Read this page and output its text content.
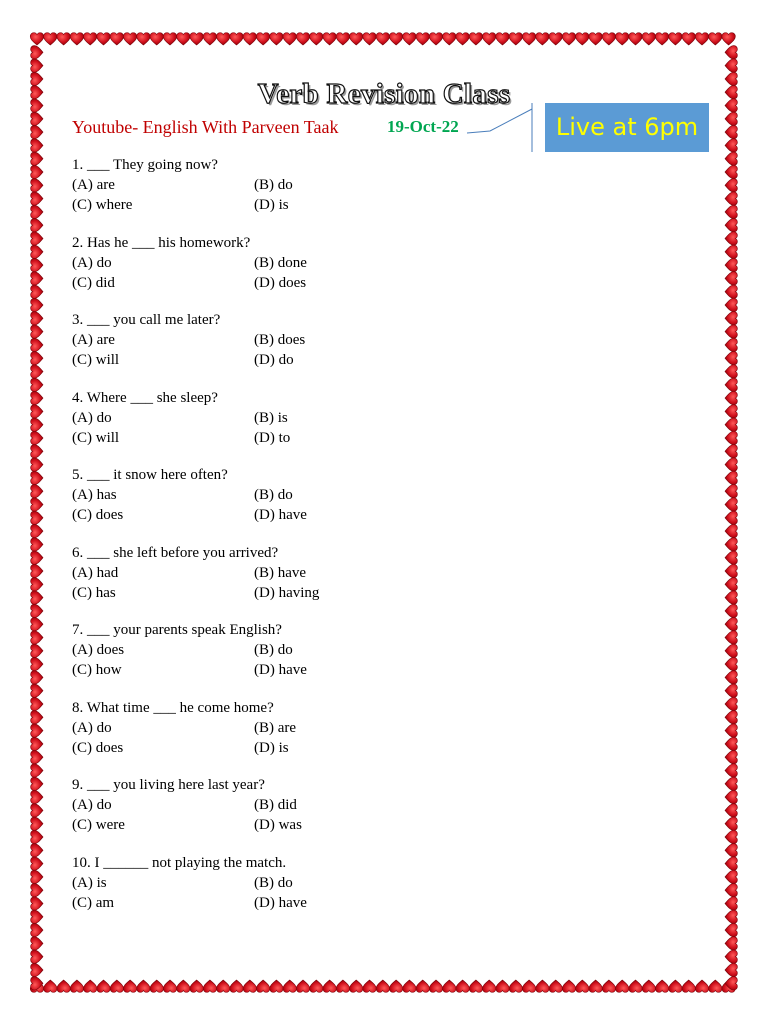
Verb Revision Class
Youtube- English With Parveen Taak	19-Oct-22	Live at 6pm
1. ___ They going now?
(A) are	(B) do
(C) where	(D) is
2. Has he ___ his homework?
(A) do	(B) done
(C) did	(D) does
3. ___ you call me later?
(A) are	(B) does
(C) will	(D) do
4. Where ___ she sleep?
(A) do	(B) is
(C) will	(D) to
5. ___ it snow here often?
(A) has	(B) do
(C) does	(D) have
6. ___ she left before you arrived?
(A) had	(B) have
(C) has	(D) having
7. ___ your parents speak English?
(A) does	(B) do
(C) how	(D) have
8. What time ___ he come home?
(A) do	(B) are
(C) does	(D) is
9. ___ you living here last year?
(A) do	(B) did
(C) were	(D) was
10. I ______ not playing the match.
(A) is	(B) do
(C) am	(D) have
